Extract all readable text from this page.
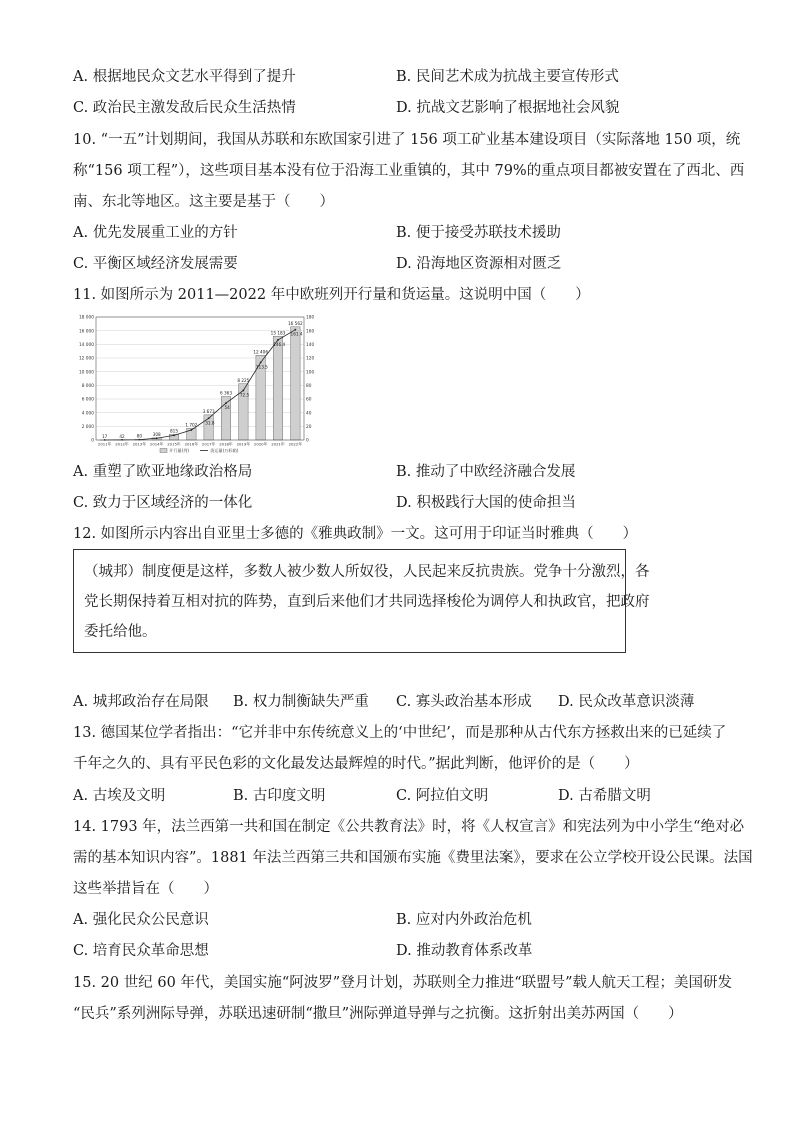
A. 根据地民众文艺水平得到了提升	B. 民间艺术成为抗战主要宣传形式
C. 政治民主激发敌后民众生活热情	D. 抗战文艺影响了根据地社会风貌
10. “一五”计划期间，我国从苏联和东欧国家引进了 156 项工矿业基本建设项目（实际落地 150 项，统
称“156 项工程”），这些项目基本没有位于沿海工业重镇的，其中 79%的重点项目都被安置在了西北、西
南、东北等地区。这主要是基于（　　）
A. 优先发展重工业的方针	B. 便于接受苏联技术援助
C. 平衡区域经济发展需要	D. 沿海地区资源相对匮乏
11. 如图所示为 2011—2022 年中欧班列开行量和货运量。这说明中国（　　）
17	42	80	308
815
1 702
3 673
6 363
8 225
12 406
15 183
16 562
31.8
54
72.5
113.5
146.4
161.4
0
2 000
4 000
6 000
8 000
10 000
12 000
14 000
16 000
18 000
0
20
40
60
80
100
120
140
160
180
2011年 2012年 2013年 2014年 2015年 2016年 2017年 2018年 2019年 2020年 2021年 2022年
开行量(列)	货运量(万标箱)
A. 重塑了欧亚地缘政治格局	B. 推动了中欧经济融合发展
C. 致力于区域经济的一体化	D. 积极践行大国的使命担当
12. 如图所示内容出自亚里士多德的《雅典政制》一文。这可用于印证当时雅典（　　）
（城邦）制度便是这样，多数人被少数人所奴役，人民起来反抗贵族。党争十分激烈，各
党长期保持着互相对抗的阵势，直到后来他们才共同选择梭伦为调停人和执政官，把政府
委托给他。
A. 城邦政治存在局限 B. 权力制衡缺失严重 C. 寡头政治基本形成 D. 民众改革意识淡薄
13. 德国某位学者指出：“它并非中东传统意义上的‘中世纪’，而是那种从古代东方拯救出来的已延续了
千年之久的、具有平民色彩的文化最发达最辉煌的时代。”据此判断，他评价的是（　　）
A. 古埃及文明	B. 古印度文明	C. 阿拉伯文明	D. 古希腊文明
14. 1793 年，法兰西第一共和国在制定《公共教育法》时，将《人权宣言》和宪法列为中小学生“绝对必
需的基本知识内容”。1881 年法兰西第三共和国颁布实施《费里法案》，要求在公立学校开设公民课。法国
这些举措旨在（　　）
A. 强化民众公民意识	B. 应对内外政治危机
C. 培育民众革命思想	D. 推动教育体系改革
15. 20 世纪 60 年代，美国实施“阿波罗”登月计划，苏联则全力推进“联盟号”载人航天工程；美国研发
“民兵”系列洲际导弹，苏联迅速研制“撒旦”洲际弹道导弹与之抗衡。这折射出美苏两国（　　）
